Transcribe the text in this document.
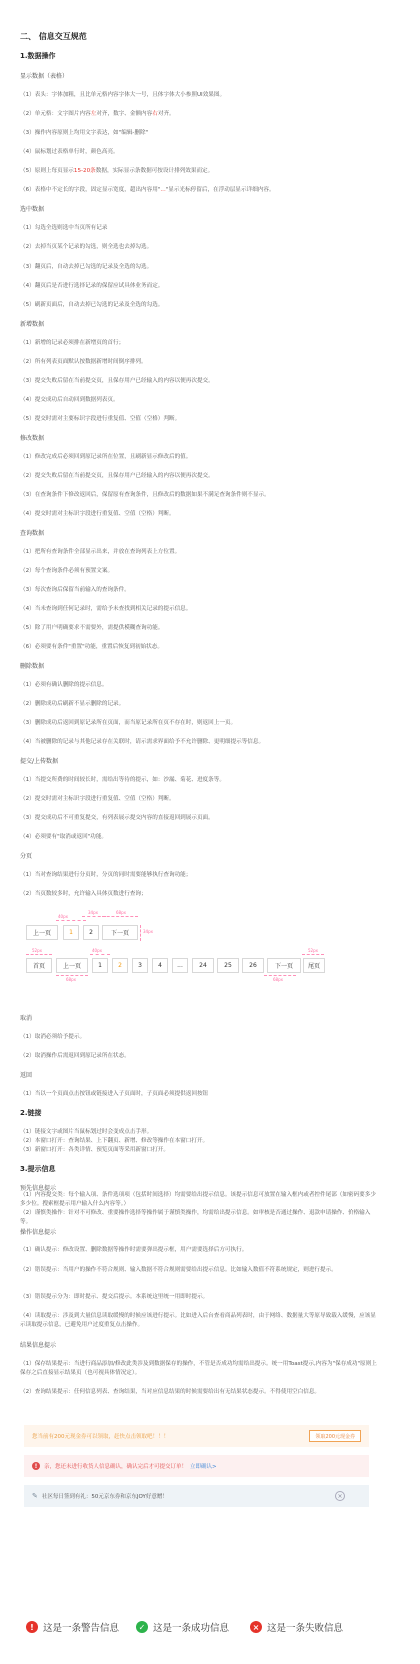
二、 信息交互规范
1.数据操作
显示数据（表格）
（1）表头：字体加粗，且比单元格内容字体大一号，且体字体大小参照UI效果图。
（2）单元格：文字图片内容左对齐，数字、金额内容右对齐。
（3）操作内容原则上均用文字表达，如"编辑-删除"
（4）鼠标划过表格单行时，颜色高亮。
（5）原则上每页显示15-20条数据，实际显示条数据可按设计排列效果而定。
（6）表格中不定长的字段，固定显示宽度，超出内容用"..."显示光标停留后，在浮动层显示详细内容。
选中数据
（1）勾选全选则选中当页所有记录
（2）去掉当页某个记录的勾选，则全选也去掉勾选。
（3）翻页后，自动去掉已勾选的记录及全选的勾选。
（4）翻页后是否进行选择记录的保留应试具体业务而定。
（5）刷新页面后，自动去掉已勾选的记录及全选的勾选。
新增数据
（1）新增的记录必须排在新增页的首行；
（2）所有列表页面默认按数据新增时间倒序排列。
（3）提交失败后留在当前提交页，且保存用户已经输入的内容以便再次提交。
（4）提交成功后自动回到数据列表页。
（5）提交时需对主要标识字段进行重复值、空值（空格）判断。
修改数据
（1）修改完成后必须回到原记录所在位置，且刷新显示修改后的值。
（2）提交失败后留在当前提交页，且保存用户已经输入的内容以便再次提交。
（3）在查询条件下修改返回后，保留原有查询条件，且修改后的数据如果不满足查询条件则不显示。
（4）提交时需对主标识字段进行重复值、空值（空格）判断。
查询数据
（1）把所有查询条件全部显示出来，并放在查询列表上方位置。
（2）每个查询条件必须有预置文案。
（3）每次查询后保留当前输入的查询条件。
（4）当未查询到任何记录时，需给予未查找到相关记录的提示信息。
（5）除了用户明确要求不需要外，需提供模糊查询功能。
（6）必须要有条件"重置"功能，重置后恢复到初始状态。
删除数据
（1）必须有确认删除的提示信息。
（2）删除成功后刷新不显示删除的记录。
（3）删除成功后返回到原记录所在页面，而当原记录所在页不存在时，则返回上一页。
（4）当被删除的记录与其他记录存在关联时，请示需求界面给予不允许删除、更明细提示等信息。
提交/上传数据
（1）当提交所费的时间较长时，需给出等待的提示，如：沙漏、菊花、进度条等。
（2）提交时需对主标识字段进行重复值、空值（空格）判断。
（3）提交成功后不可重复提交，有列表展示提交内容的直接返回到展示页面。
（4）必须要有"取消或返回"功能。
分页
（1）当对查询结果进行分页时，分页的同时需要能够执行查询功能；
（2）当页数较多时，允许输入具体页数进行查询；
40px
34px	68px
34px
上一页	1	2	下一页
52px	40px
68px	68px
52px
首页	上一页	1	2	3	4	...	24	25	26	下一页	尾页
取消
（1）取消必须给予提示。
（2）取消操作后需返回到原记录所在状态。
返回
（1）当以一个页面点击按钮或链接进入子页面时，子页面必须提供返回按钮
2.链接
（1）链接文字或图片当鼠标划过时会变成点击手形。
（2）本窗口打开：查询结果、上下翻页、新增、修改等操作在本窗口打开。
（3）新窗口打开：各类详情、预览页面等采用新窗口打开。
3.提示信息
预先信息提示
（1）内容提交类：每个输入项、条件选项项（包括时间选择）均需要给出提示信息。该提示信息可放置在输入框内或者控件尾部（如密码要多少多少位。搜索框提示用户输入什么内容等。）
（2）谨慎类操作：针对不可修改、重要操作选择等操作属于谨慎类操作，均需给出提示信息。如审核是否通过操作、退款申请操作、价格输入等。
操作信息提示
（1）确认提示：修改设置、删除数据等操作时需要弹出提示框，用户需要选择后方可执行。
（2）错误提示：当用户的操作不符合规则、输入数据不符合规则需要给出提示信息。比如输入数值不符系统规定，则进行提示。
（3）错误提示分为：即时提示、提交后提示。本系统这里统一用即时提示。
（4）读取提示：涉及到大量信息读取缓慢的时候应该进行提示。比如进入后台查看商品列表时，由于网络、数据量大等原导致载入缓慢，应该显示读取提示信息，已避免用户过度重复点击操作。
结果信息提示
（1）保存结果提示：当进行商品添加/修改此类涉及到数据保存的操作，不管是否成功均需给出提示。统一用Toast提示,内容为"保存成功"原则上保存之后直接显示结果页（也可视具体情况定）。
（2）查询结果提示：任何信息列表、查询结果，当对应信息结果的时候需要给出有无结果状态提示。不得使用空白信息。
您当前有200元现金券可以领取，赶快点击领取吧！！！	领取200元现金券
!	亲，您还未进行收货人信息确认，确认完后才可提交订单！ 立即确认>
✎ 社区每日签到有礼：50元京东券和京东JOY好意赠！	×
! 这是一条警告信息	✓ 这是一条成功信息	× 这是一条失败信息
